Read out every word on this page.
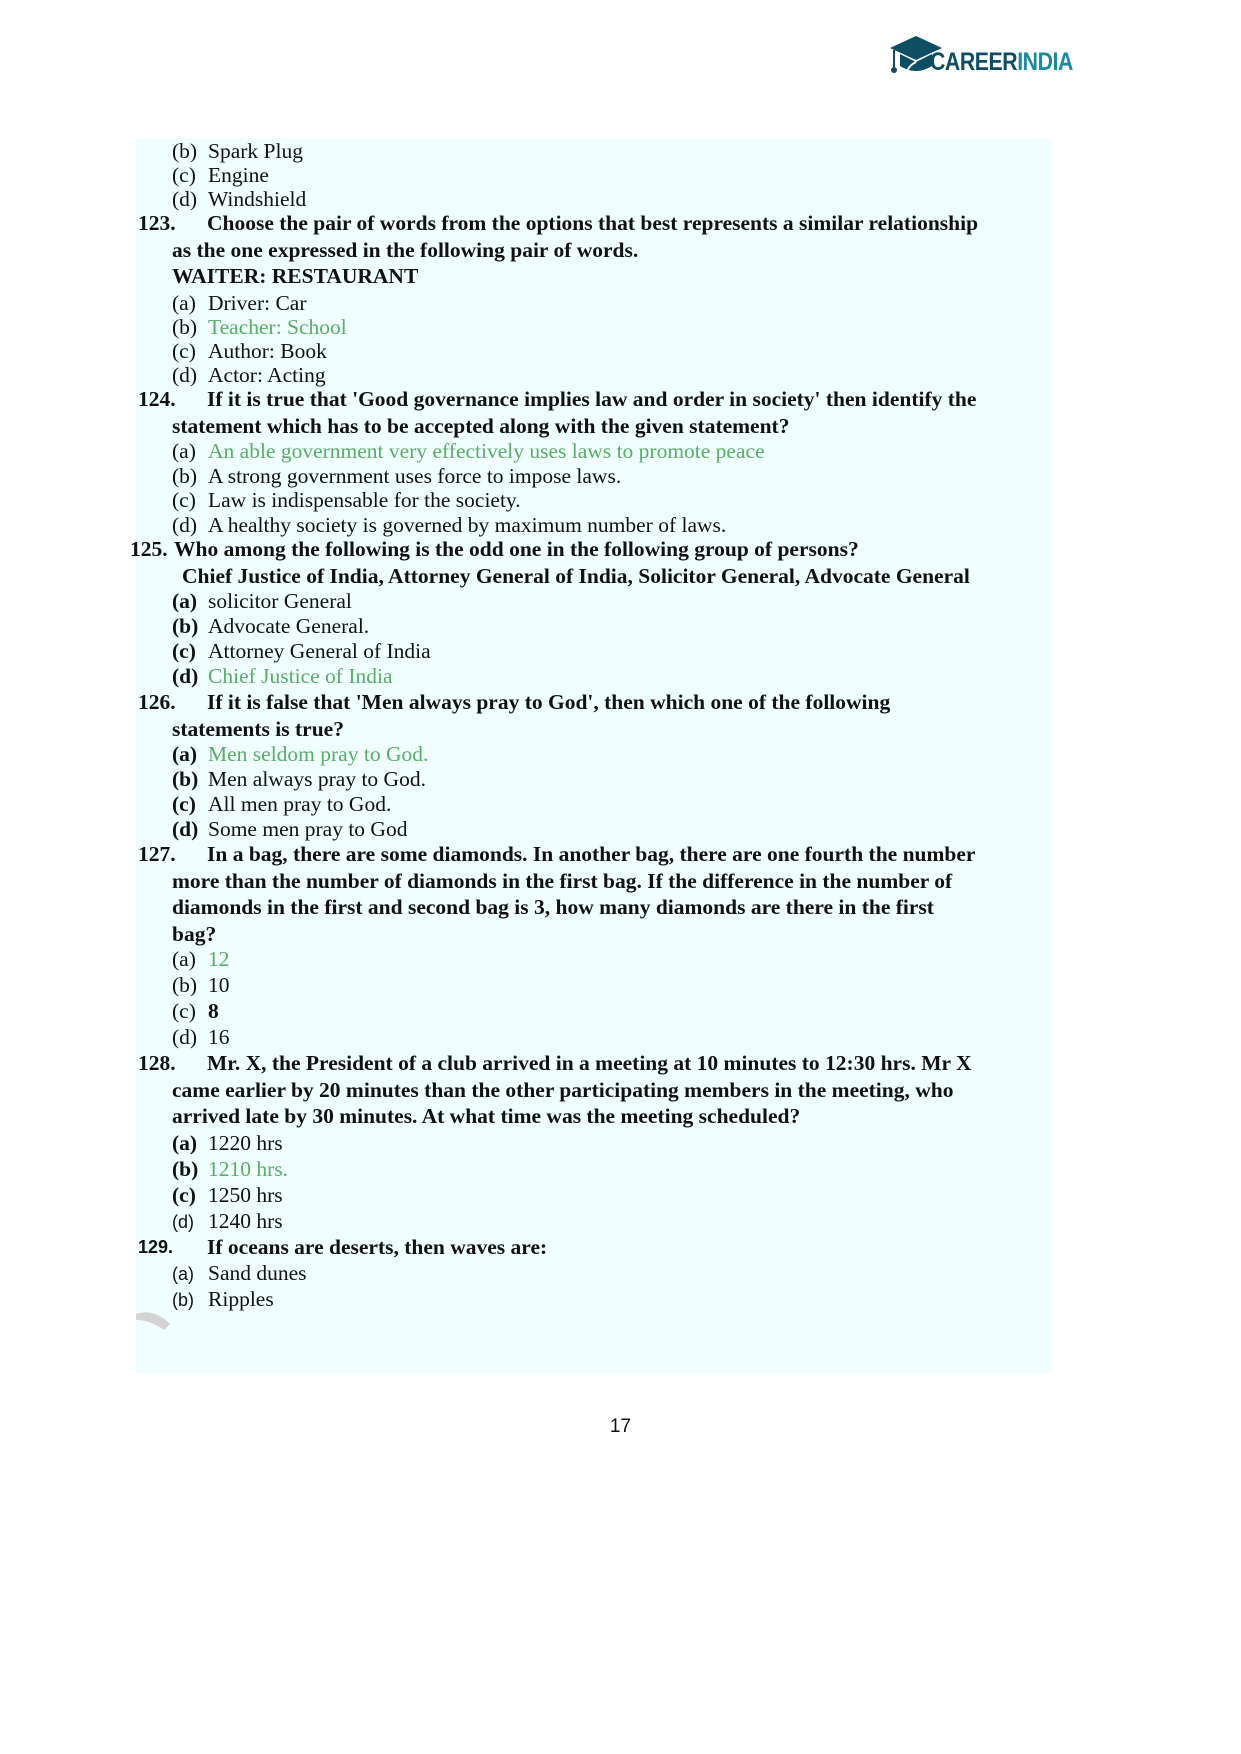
CAREERINDIA
(b) Spark Plug
(c) Engine
(d) Windshield
123.	Choose the pair of words from the options that best represents a similar relationship

as the one expressed in the following pair of words.

WAITER: RESTAURANT

(a) Driver: Car
(b) Teacher: School
(c) Author: Book
(d) Actor: Acting
124.	If it is true that 'Good governance implies law and order in society' then identify the

statement which has to be accepted along with the given statement?

(a) An able government very effectively uses laws to promote peace
(b) A strong government uses force to impose laws.
(c) Law is indispensable for the society.
(d) A healthy society is governed by maximum number of laws.
125. Who among the following is the odd one in the following group of persons?

Chief Justice of India, Attorney General of India, Solicitor General, Advocate General

(a) solicitor General
(b) Advocate General.
(c) Attorney General of India
(d) Chief Justice of India
126.	If it is false that 'Men always pray to God', then which one of the following

statements is true?

(a) Men seldom pray to God.
(b) Men always pray to God.
(c) All men pray to God.
(d) Some men pray to God
127.	In a bag, there are some diamonds. In another bag, there are one fourth the number

more than the number of diamonds in the first bag. If the difference in the number of

diamonds in the first and second bag is 3, how many diamonds are there in the first

bag?

(a) 12
(b) 10
(c) 8
(d) 16
128.	Mr. X, the President of a club arrived in a meeting at 10 minutes to 12:30 hrs. Mr X

came earlier by 20 minutes than the other participating members in the meeting, who

arrived late by 30 minutes. At what time was the meeting scheduled?

(a) 1220 hrs
(b) 1210 hrs.
(c) 1250 hrs
(d) 1240 hrs
129.	If oceans are deserts, then waves are:

(a) Sand dunes
(b) Ripples
17
